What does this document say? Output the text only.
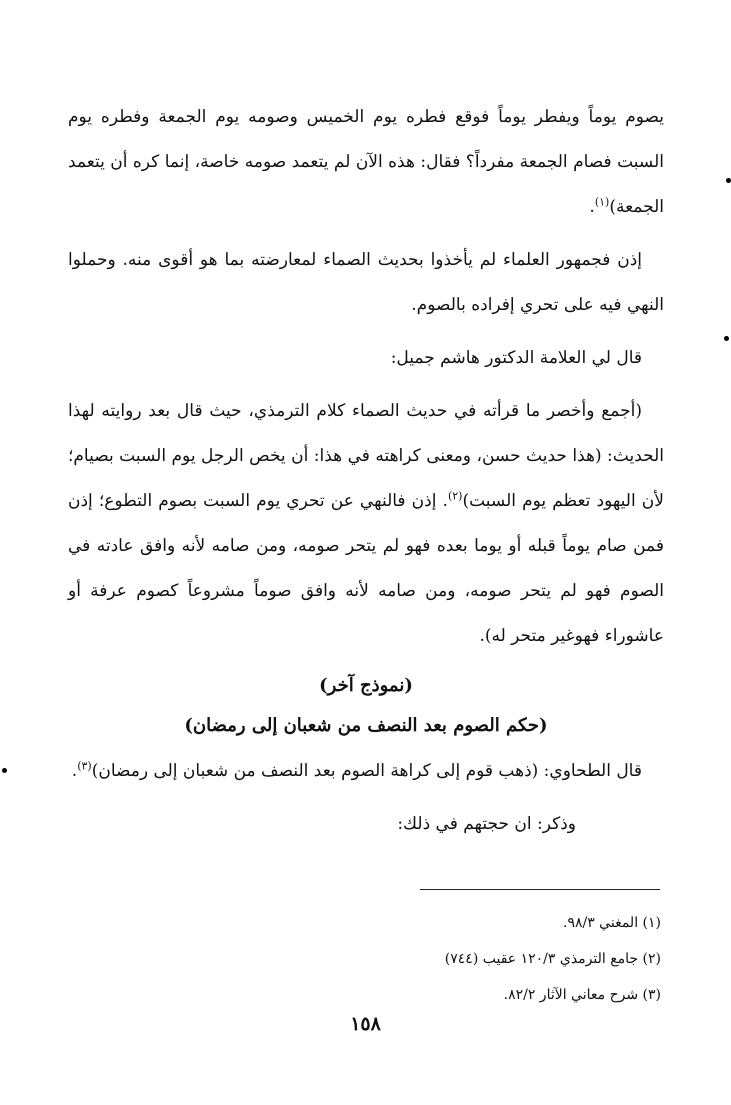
يصوم يوماً ويفطر يوماً فوقع فطره يوم الخميس وصومه يوم الجمعة وفطره يوم السبت فصام الجمعة مفرداً؟ فقال: هذه الآن لم يتعمد صومه خاصة، إنما كره أن يتعمد الجمعة)$^{(١)}$.

إذن فجمهور العلماء لم يأخذوا بحديث الصماء لمعارضته بما هو أقوى منه. وحملوا النهي فيه على تحري إفراده بالصوم.

قال لي العلامة الدكتور هاشم جميل:

(أجمع وأخصر ما قرأته في حديث الصماء كلام الترمذي، حيث قال بعد روايته لهذا الحديث: (هذا حديث حسن، ومعنى كراهته في هذا: أن يخص الرجل يوم السبت بصيام؛ لأن اليهود تعظم يوم السبت)$^{(٢)}$. إذن فالنهي عن تحري يوم السبت بصوم التطوع؛ إذن فمن صام يوماً قبله أو يوما بعده فهو لم يتحر صومه، ومن صامه لأنه وافق عادته في الصوم فهو لم يتحر صومه، ومن صامه لأنه وافق صوماً مشروعاً كصوم عرفة أو عاشوراء فهوغير متحر له).

(نموذج آخر)
(حكم الصوم بعد النصف من شعبان إلى رمضان)

قال الطحاوي: (ذهب قوم إلى كراهة الصوم بعد النصف من شعبان إلى رمضان)$^{(٣)}$.

وذكر: ان حجتهم في ذلك:

(١) المغني ٩٨/٣.

(٢) جامع الترمذي ١٢٠/٣ عقيب (٧٤٤)

(٣) شرح معاني الآثار ٨٢/٢.

١٥٨
